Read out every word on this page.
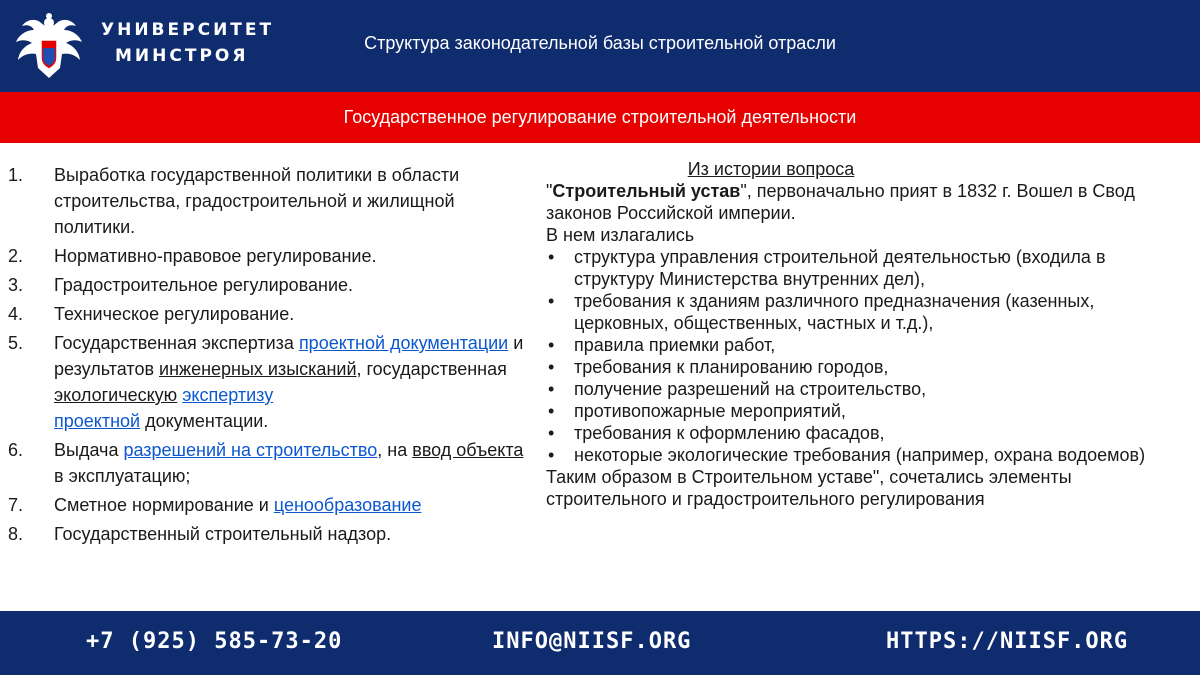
УНИВЕРСИТЕТ
МИНСТРОЯ
Структура законодательной базы строительной отрасли
Государственное регулирование строительной деятельности
1. Выработка государственной политики в области строительства, градостроительной и жилищной политики.
2. Нормативно-правовое регулирование.
3. Градостроительное регулирование.
4. Техническое регулирование.
5. Государственная экспертиза проектной документации и результатов инженерных изысканий, государственная
экологическую экспертизу
проектной документации.
6. Выдача разрешений на строительство, на ввод объекта в эксплуатацию;
7. Сметное нормирование и ценообразование
8. Государственный строительный надзор.
Из истории вопроса
"Строительный устав", первоначально прият в 1832 г. Вошел в Свод законов Российской империи.
В нем излагались
• структура управления строительной деятельностью (входила в структуру Министерства внутренних дел),
• требования к зданиям различного предназначения (казенных, церковных, общественных, частных и т.д.),
• правила приемки работ,
• требования к планированию городов,
• получение разрешений на строительство,
• противопожарные мероприятий,
• требования к оформлению фасадов,
• некоторые экологические требования (например, охрана водоемов)
Таким образом в Строительном уставе", сочетались элементы строительного и градостроительного регулирования
+7 (925) 585-73-20	INFO@NIISF.ORG	HTTPS://NIISF.ORG
